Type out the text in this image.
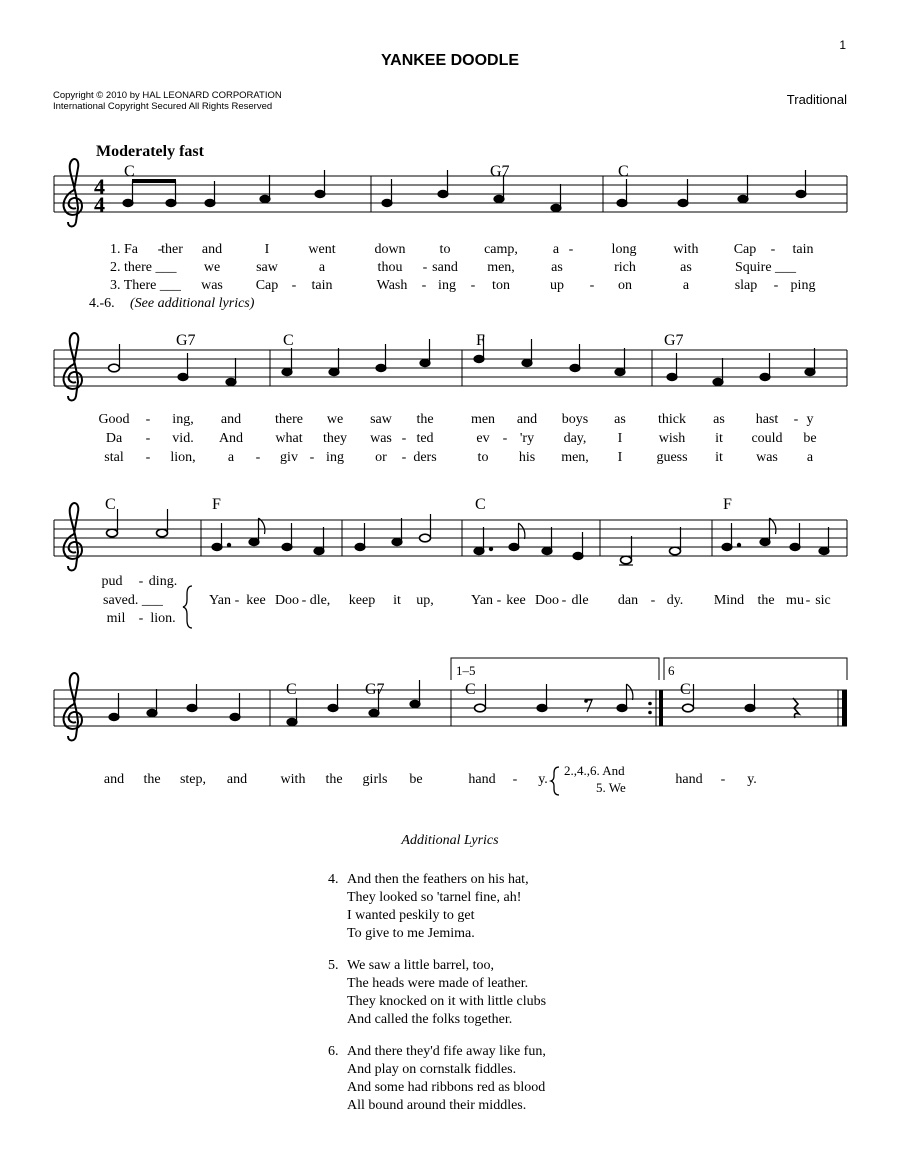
1
YANKEE DOODLE
Copyright © 2010 by HAL LEONARD CORPORATION
International Copyright Secured All Rights Reserved	Traditional
Moderately fast
4
4
C	G7	C
G7	C	F	G7
C	F	C	F
C	G7	C	C
1–5	6
1. Fa -
ther and	I	went	down to camp, a -	long	with	Cap - tain
2. there ___ we	saw	a	thou - sand men,	as	rich	as	Squire ___
3. There ___ was Cap - tain	Wash - ing - ton	up - on	a	slap - ping
4.-6. (See additional lyrics)
Good - ing, and there we saw the	men and boys as thick as hast - y
Da - vid. And what they was - ted	ev - 'ry day, I	wish it could be
stal - lion, a - giv - ing or - ders	to his men, I guess it was a
pud - ding.
saved. ___	Yan - kee Doo - dle, keep it up,	Yan - kee Doo - dle dan - dy. Mind the mu - sic
mil - lion.
and the step, and with the girls be	hand - y.
2.,4.,6. And
hand - y.
5. We
Additional Lyrics
4. And then the feathers on his hat,
They looked so 'tarnel fine, ah!
I wanted peskily to get
To give to me Jemima.
5. We saw a little barrel, too,
The heads were made of leather.
They knocked on it with little clubs
And called the folks together.
6. And there they'd fife away like fun,
And play on cornstalk fiddles.
And some had ribbons red as blood
All bound around their middles.
